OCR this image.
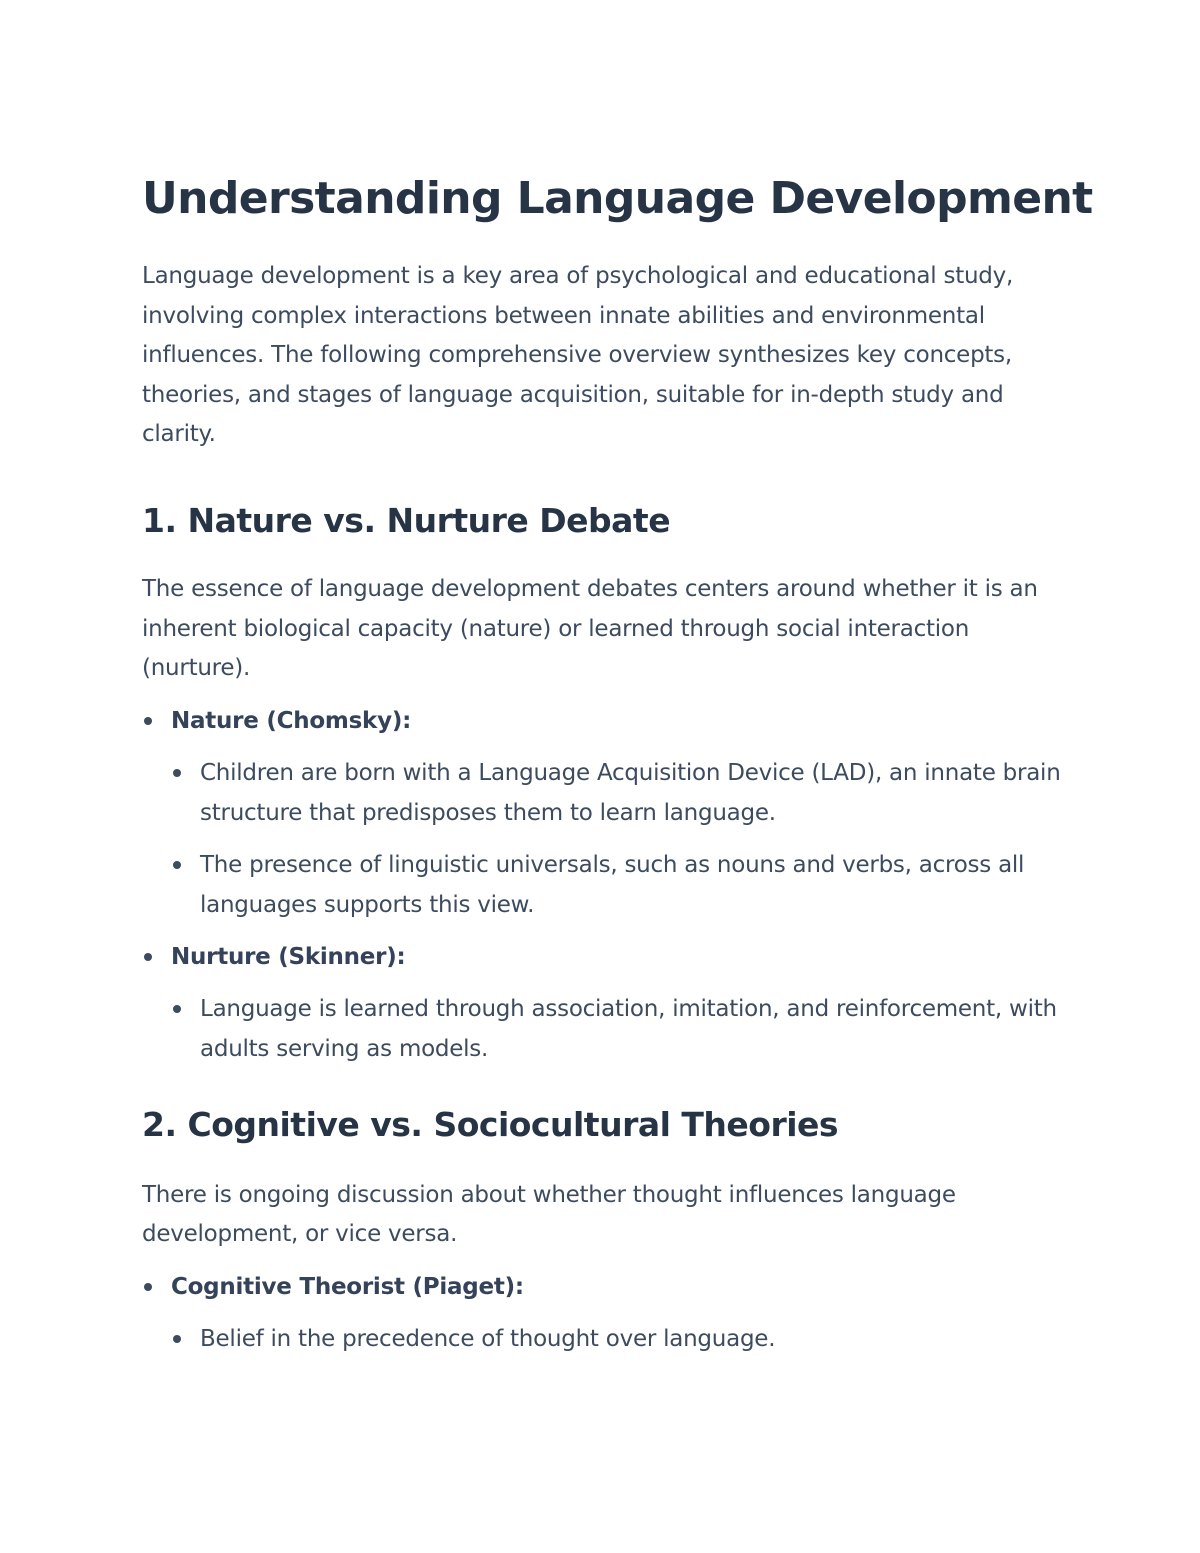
Understanding Language Development

Language development is a key area of psychological and educational study, involving complex interactions between innate abilities and environmental influences. The following comprehensive overview synthesizes key concepts, theories, and stages of language acquisition, suitable for in-depth study and clarity.

1. Nature vs. Nurture Debate

The essence of language development debates centers around whether it is an inherent biological capacity (nature) or learned through social interaction (nurture).

Nature (Chomsky):
Children are born with a Language Acquisition Device (LAD), an innate brain structure that predisposes them to learn language.
The presence of linguistic universals, such as nouns and verbs, across all languages supports this view.
Nurture (Skinner):
Language is learned through association, imitation, and reinforcement, with adults serving as models.
2. Cognitive vs. Sociocultural Theories

There is ongoing discussion about whether thought influences language development, or vice versa.

Cognitive Theorist (Piaget):
Belief in the precedence of thought over language.
